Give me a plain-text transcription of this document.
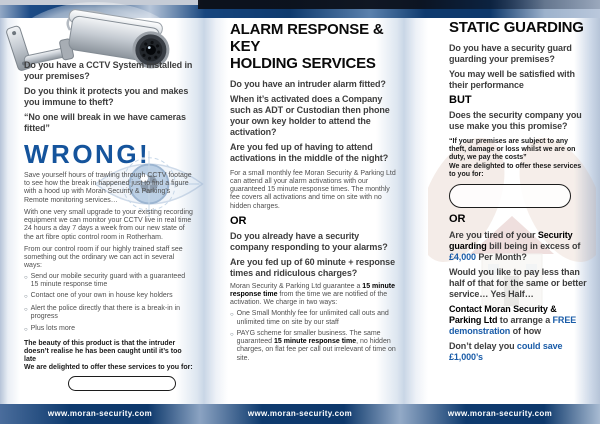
Do you have a CCTV System installed in your premises?
Do you think it protects you and makes you immune to theft?
“No one will break in we have cameras fitted”
WRONG!
Save yourself hours of trawling through CCTV footage to see how the break in happened just to find a figure with a hood up with Moran Security & Parking’s Remote monitoring services…
With one very small upgrade to your existing recording equipment we can monitor your CCTV live in real time 24 hours a day 7 days a week from our new state of the art fibre optic control room in Rotherham.
From our control room if our highly trained staff see something out the ordinary we can act in several ways:
○ Send our mobile security guard with a guaranteed 15 minute response time
○ Contact one of your own in house key holders
○ Alert the police directly that there is a break-in in progress
○ Plus lots more
The beauty of this product is that the intruder doesn’t realise he has been caught until it’s too late
We are delighted to offer these services to you for:
ALARM RESPONSE & KEY
HOLDING SERVICES
Do you have an intruder alarm fitted?
When it’s activated does a Company such as ADT or Custodian then phone your own key holder to attend the activation?
Are you fed up of having to attend activations in the middle of the night?
For a small monthly fee Moran Security & Parking Ltd can attend all your alarm activations with our guaranteed 15 minute response times. The monthly fee covers all activations and time on site with no hidden charges.
OR
Do you already have a security company responding to your alarms?
Are you fed up of 60 minute + response times and ridiculous charges?
Moran Security & Parking Ltd guarantee a 15 minute response time from the time we are notified of the activation. We charge in two ways:
○ One Small Monthly fee for unlimited call outs and unlimited time on site by our staff
○ PAYG scheme for smaller business. The same guaranteed 15 minute response time, no hidden charges, on flat fee per call out irrelevant of time on site.
STATIC GUARDING
Do you have a security guard guarding your premises?
You may well be satisfied with their performance
BUT
Does the security company you use make you this promise?
“If your premises are subject to any theft, damage or loss whilst we are on duty, we pay the costs”
We are delighted to offer these services to you for:
OR
Are you tired of your Security guarding bill being in excess of £4,000 Per Month?
Would you like to pay less than half of that for the same or better service… Yes Half…
Contact Moran Security & Parking Ltd to arrange a FREE demonstration of how
Don’t delay you could save £1,000’s
www.moran-security.com	www.moran-security.com	www.moran-security.com
